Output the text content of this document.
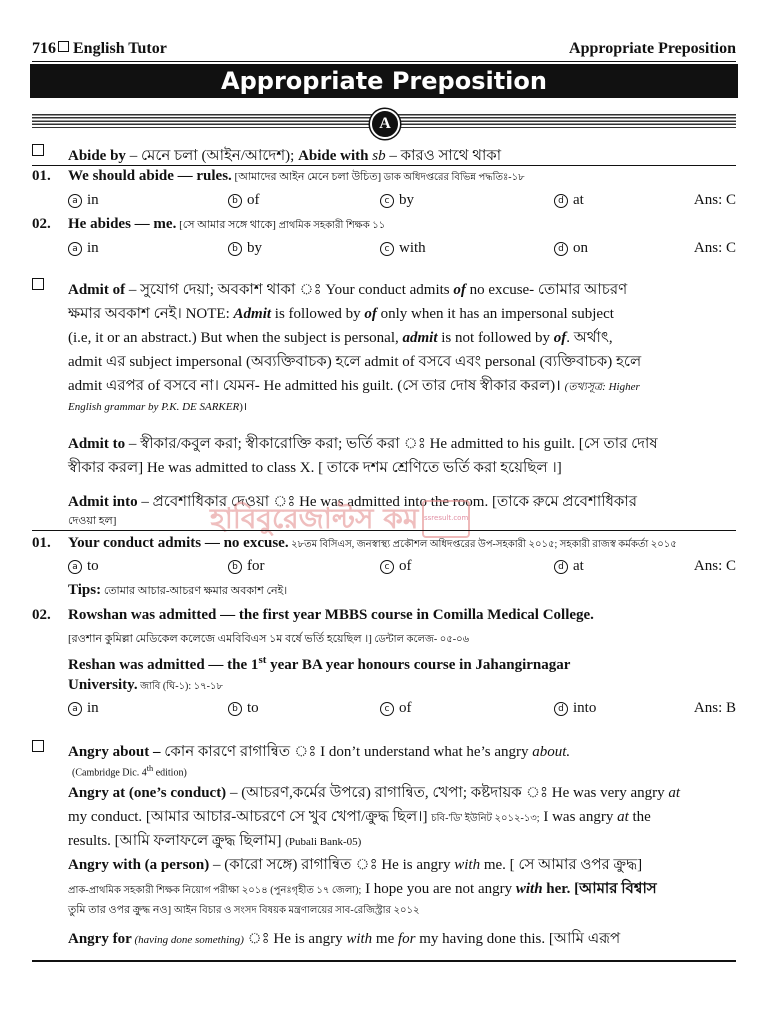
716 English Tutor	Appropriate Preposition
Appropriate Preposition
A
Abide by – মেনে চলা (আইন/আদেশ); Abide with sb – কারও সাথে থাকা
01. We should abide — rules. [আমাদের আইন মেনে চলা উচিত] ডাক অধিদপ্তরের বিভিন্ন পদ্ধতিঃ-১৮
a in	b of	c by	d at	Ans: C
02. He abides — me. [সে আমার সঙ্গে থাকে] প্রাথমিক সহকারী শিক্ষক ১১
a in	b by	c with	d on	Ans: C
Admit of – সুযোগ দেয়া; অবকাশ থাকা ঃ Your conduct admits of no excuse- তোমার আচরণ
ক্ষমার অবকাশ নেই। NOTE: Admit is followed by of only when it has an impersonal subject
(i.e, it or an abstract.) But when the subject is personal, admit is not followed by of. অর্থাৎ,
admit এর subject impersonal (অব্যক্তিবাচক) হলে admit of বসবে এবং personal (ব্যক্তিবাচক) হলে
admit এরপর of বসবে না। যেমন- He admitted his guilt. (সে তার দোষ স্বীকার করল)। (তথ্যসূত্র: Higher
English grammar by P.K. DE SARKER)।
Admit to – স্বীকার/কবুল করা; স্বীকারোক্তি করা; ভর্তি করা ঃ He admitted to his guilt. [সে তার দোষ
স্বীকার করল] He was admitted to class X. [ তাকে দশম শ্রেণিতে ভর্তি করা হয়েছিল ।]
Admit into – প্রবেশাধিকার দেওয়া ঃ He was admitted into the room. [তাকে রুমে প্রবেশাধিকার
দেওয়া হল]	হাবিবুরেজাল্টস কম ssresult.com
01. Your conduct admits — no excuse. ২৮তম বিসিএস, জনস্বাস্থ্য প্রকৌশল অধিদপ্তরের উপ-সহকারী ২০১৫; সহকারী রাজস্ব কর্মকর্তা ২০১৫
a to	b for	c of	d at	Ans: C
Tips: তোমার আচার-আচরণ ক্ষমার অবকাশ নেই।
02. Rowshan was admitted — the first year MBBS course in Comilla Medical College.
[রওশান কুমিল্লা মেডিকেল কলেজে এমবিবিএস ১ম বর্ষে ভর্তি হয়েছিল ।] ডেন্টাল কলেজ- ০৫-০৬
Reshan was admitted — the 1st year BA year honours course in Jahangirnagar
University. জাবি (ঘি-১): ১৭-১৮
a in	b to	c of	d into	Ans: B
Angry about – কোন কারণে রাগান্বিত ঃ I don’t understand what he’s angry about.
(Cambridge Dic. 4th edition)
Angry at (one’s conduct) – (আচরণ,কর্মের উপরে) রাগান্বিত, খেপা; কষ্টদায়ক ঃ He was very angry at
my conduct. [আমার আচার-আচরণে সে খুব খেপা/ক্রুদ্ধ ছিল।] চবি-'ডি' ইউনিট ২০১২-১৩; I was angry at the
results. [আমি ফলাফলে ক্রুদ্ধ ছিলাম] (Pubali Bank-05)
Angry with (a person) – (কারো সঙ্গে) রাগান্বিত ঃ He is angry with me. [ সে আমার ওপর ক্রুদ্ধ]
প্রাক-প্রাথমিক সহকারী শিক্ষক নিয়োগ পরীক্ষা ২০১৪ (পুনঃগৃহীত ১৭ জেলা); I hope you are not angry with her. [আমার বিশ্বাস
তুমি তার ওপর ক্রুদ্ধ নও] আইন বিচার ও সংসদ বিষয়ক মন্ত্রণালয়ের সাব-রেজিস্ট্রার ২০১২
Angry for (having done something) ঃ He is angry with me for my having done this. [আমি এরূপ
